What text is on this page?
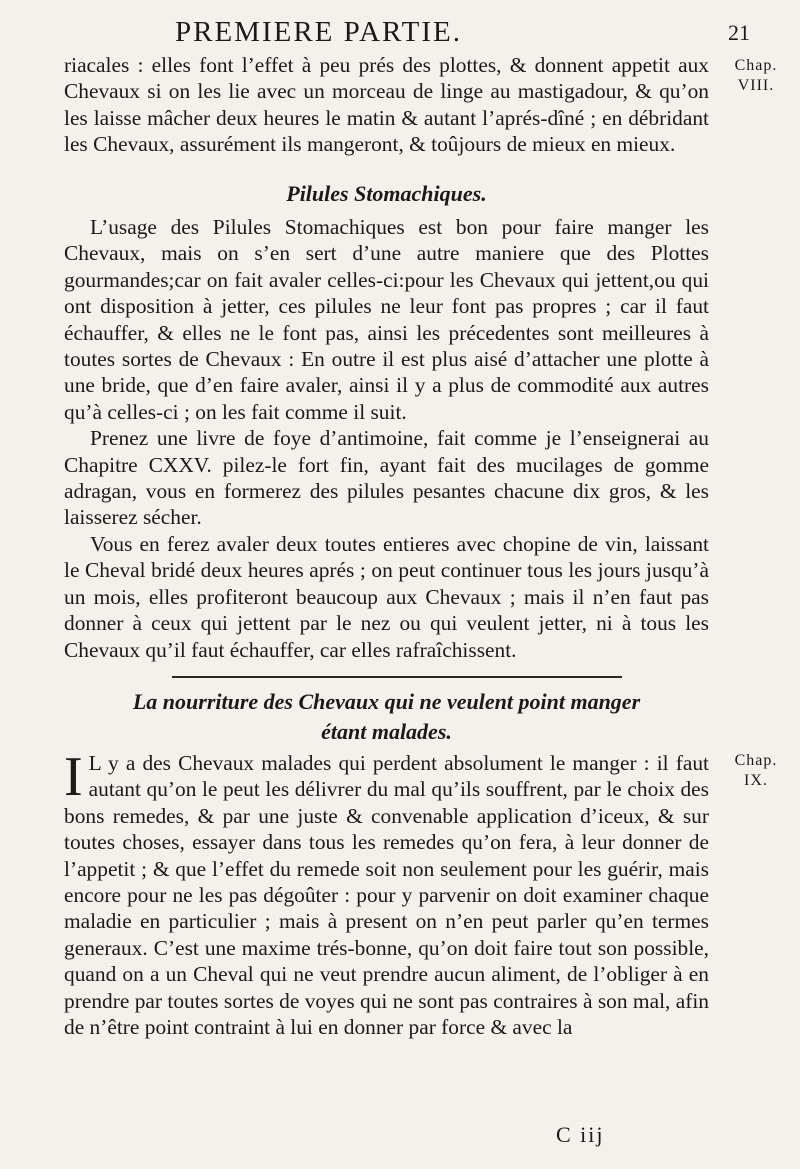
PREMIERE PARTIE.	21
Chap.
VIII.

riacales : elles font l’effet à peu prés des plottes, & donnent appetit aux Chevaux si on les lie avec un morceau de linge au mastigadour, & qu’on les laisse mâcher deux heures le matin & autant l’aprés-dîné ; en débridant les Chevaux, assurément ils mangeront, & toûjours de mieux en mieux.

Pilules Stomachiques.

L’usage des Pilules Stomachiques est bon pour faire manger les Chevaux, mais on s’en sert d’une autre maniere que des Plottes gourmandes;car on fait avaler celles-ci:pour les Chevaux qui jettent,ou qui ont disposition à jetter, ces pilules ne leur font pas propres ; car il faut échauffer, & elles ne le font pas, ainsi les précedentes sont meilleures à toutes sortes de Chevaux : En outre il est plus aisé d’attacher une plotte à une bride, que d’en faire avaler, ainsi il y a plus de commodité aux autres qu’à celles-ci ; on les fait comme il suit.

Prenez une livre de foye d’antimoine, fait comme je l’enseignerai au Chapitre CXXV. pilez-le fort fin, ayant fait des mucilages de gomme adragan, vous en formerez des pilules pesantes chacune dix gros, & les laisserez sécher.

Vous en ferez avaler deux toutes entieres avec chopine de vin, laissant le Cheval bridé deux heures aprés ; on peut continuer tous les jours jusqu’à un mois, elles profiteront beaucoup aux Chevaux ; mais il n’en faut pas donner à ceux qui jettent par le nez ou qui veulent jetter, ni à tous les Chevaux qu’il faut échauffer, car elles rafraîchissent.

La nourriture des Chevaux qui ne veulent point manger
étant malades.
Chap.
IX.
I L y a des Chevaux malades qui perdent absolument le manger : il faut autant qu’on le peut les délivrer du mal qu’ils souffrent, par le choix des bons remedes, & par une juste & convenable application d’iceux, & sur toutes choses, essayer dans tous les remedes qu’on fera, à leur donner de l’appetit ; & que l’effet du remede soit non seulement pour les guérir, mais encore pour ne les pas dégoûter : pour y parvenir on doit examiner chaque maladie en particulier ; mais à present on n’en peut parler qu’en termes generaux. C’est une maxime trés-bonne, qu’on doit faire tout son possible, quand on a un Cheval qui ne veut prendre aucun aliment, de l’obliger à en prendre par toutes sortes de voyes qui ne sont pas contraires à son mal, afin de n’être point contraint à lui en donner par force & avec la

C iij
